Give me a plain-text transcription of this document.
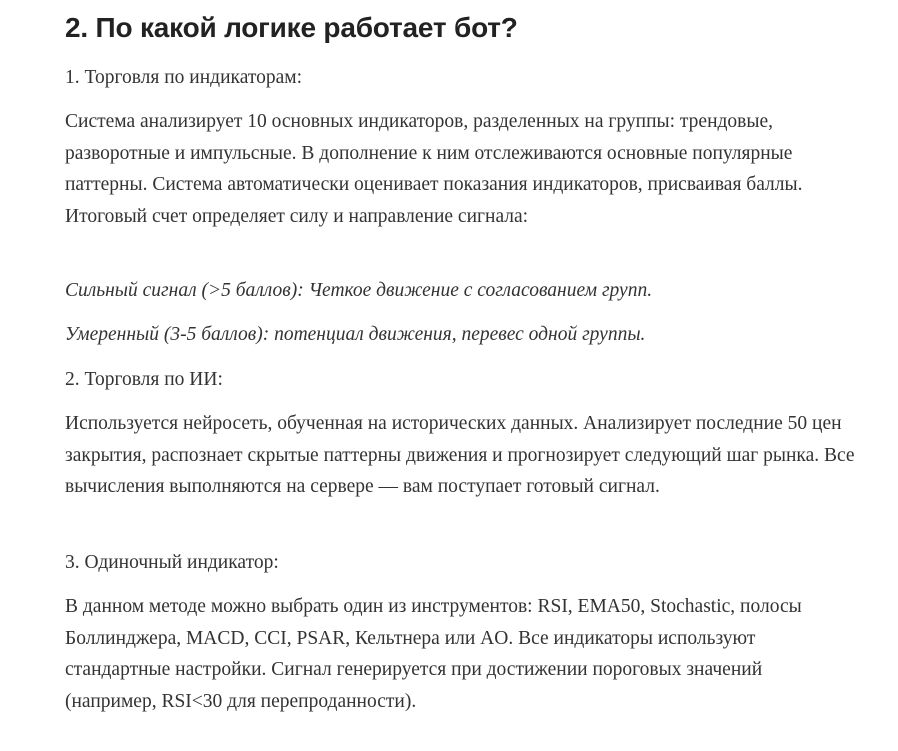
2. По какой логике работает бот?

1. Торговля по индикаторам:

Система анализирует 10 основных индикаторов, разделенных на группы: трендовые, разворотные и импульсные. В дополнение к ним отслеживаются основные популярные паттерны. Система автоматически оценивает показания индикаторов, присваивая баллы. Итоговый счет определяет силу и направление сигнала:

Сильный сигнал (>5 баллов): Четкое движение с согласованием групп.

Умеренный (3-5 баллов): потенциал движения, перевес одной группы.

2. Торговля по ИИ:

Используется нейросеть, обученная на исторических данных. Анализирует последние 50 цен закрытия, распознает скрытые паттерны движения и прогнозирует следующий шаг рынка. Все вычисления выполняются на сервере — вам поступает готовый сигнал.

3. Одиночный индикатор:

В данном методе можно выбрать один из инструментов: RSI, EMA50, Stochastic, полосы Боллинджера, MACD, CCI, PSAR, Кельтнера или AO. Все индикаторы используют стандартные настройки. Сигнал генерируется при достижении пороговых значений (например, RSI<30 для перепроданности).
